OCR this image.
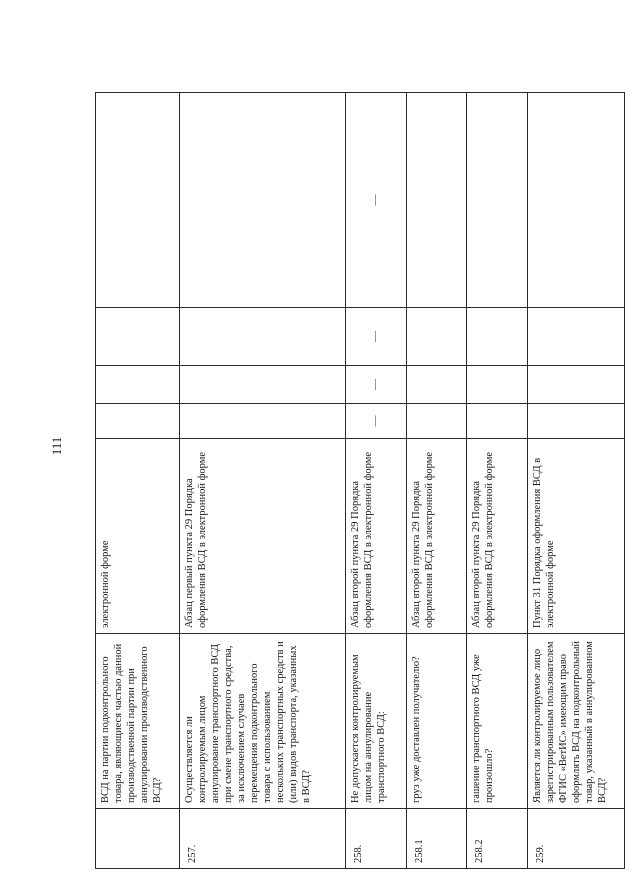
111
	ВСД на партии подконтрольного товара, являющиеся частью данной производственной партии при аннулировании производственного ВСД?	электронной форме				
257.	Осуществляется ли контролируемым лицом аннулирование транспортного ВСД при смене транспортного средства, за исключением случаев перемещения подконтрольного товара с использованием нескольких транспортных средств и (или) видов транспорта, указанных в ВСД?	Абзац первый пункта 29 Порядка оформления ВСД в электронной форме				
258.	Не допускается контролируемым лицом на аннулирование транспортного ВСД:	Абзац второй пункта 29 Порядка оформления ВСД в электронной форме	—	—	—	—
258.1	груз уже доставлен получателю?	Абзац второй пункта 29 Порядка оформления ВСД в электронной форме				
258.2	гашение транспортного ВСД уже произошло?	Абзац второй пункта 29 Порядка оформления ВСД в электронной форме				
259.	Является ли контролируемое лицо зарегистрированным пользователем ФГИС «ВетИС» имеющим право оформлять ВСД на подконтрольный товар, указанный в аннулированном ВСД?	Пункт 31 Порядка оформления ВСД в электронной форме				
